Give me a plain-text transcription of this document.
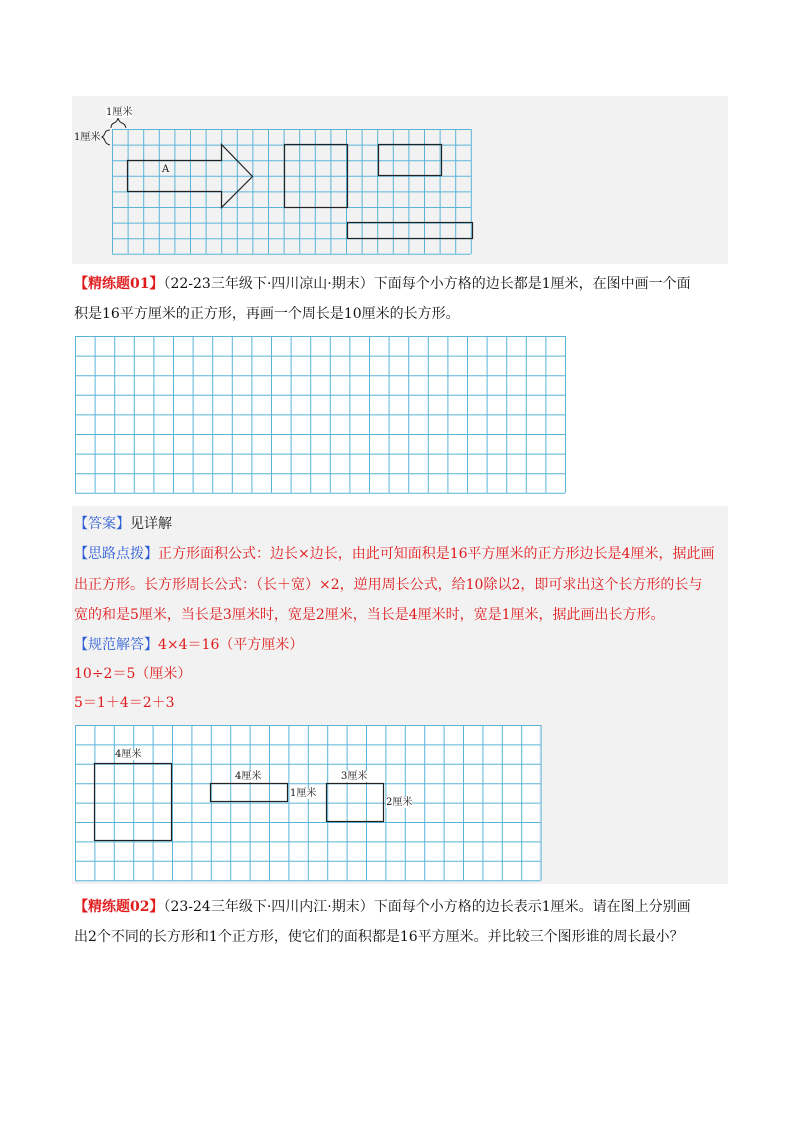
1厘米
1厘米
A
【精练题01】（22-23三年级下·四川凉山·期末）下面每个小方格的边长都是1厘米，在图中画一个面
积是16平方厘米的正方形，再画一个周长是10厘米的长方形。
【答案】见详解
【思路点拨】正方形面积公式：边长×边长，由此可知面积是16平方厘米的正方形边长是4厘米，据此画
出正方形。长方形周长公式：（长＋宽）×2，逆用周长公式，给10除以2，即可求出这个长方形的长与
宽的和是5厘米，当长是3厘米时，宽是2厘米，当长是4厘米时，宽是1厘米，据此画出长方形。
【规范解答】4×4＝16（平方厘米）
10÷2＝5（厘米）
5＝1＋4＝2＋3
4厘米
4厘米
1厘米
3厘米
2厘米
【精练题02】（23-24三年级下·四川内江·期末）下面每个小方格的边长表示1厘米。请在图上分别画
出2个不同的长方形和1个正方形，使它们的面积都是16平方厘米。并比较三个图形谁的周长最小？
